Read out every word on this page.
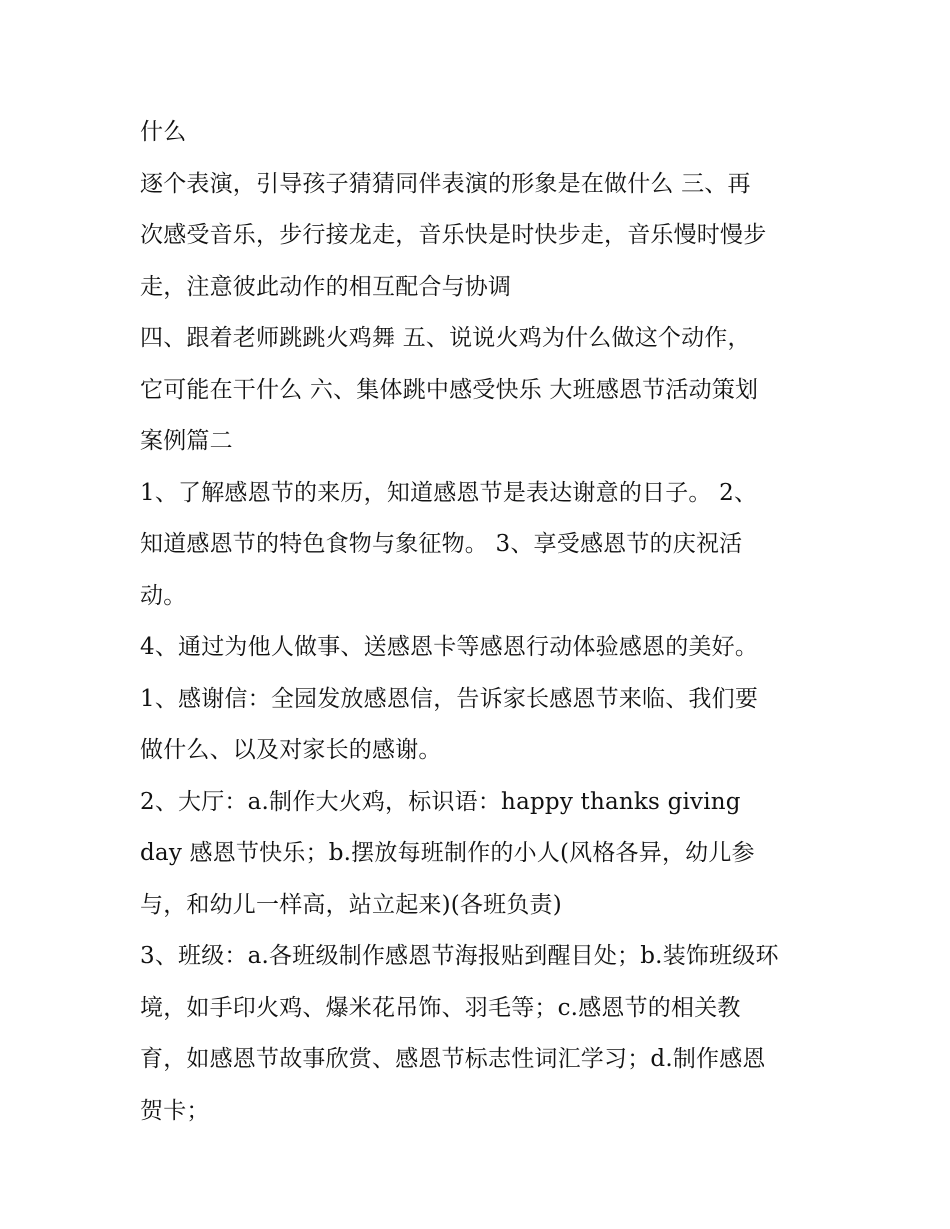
什么
逐个表演，引导孩子猜猜同伴表演的形象是在做什么 三、再
次感受音乐，步行接龙走，音乐快是时快步走，音乐慢时慢步
走，注意彼此动作的相互配合与协调
四、跟着老师跳跳火鸡舞 五、说说火鸡为什么做这个动作，
它可能在干什么 六、集体跳中感受快乐 大班感恩节活动策划
案例篇二
1、了解感恩节的来历，知道感恩节是表达谢意的日子。 2、
知道感恩节的特色食物与象征物。 3、享受感恩节的庆祝活
动。
4、通过为他人做事、送感恩卡等感恩行动体验感恩的美好。
1、感谢信：全园发放感恩信，告诉家长感恩节来临、我们要
做什么、以及对家长的感谢。
2、大厅：a.制作大火鸡，标识语：happy thanks giving
day 感恩节快乐；b.摆放每班制作的小人(风格各异，幼儿参
与，和幼儿一样高，站立起来)(各班负责)
3、班级：a.各班级制作感恩节海报贴到醒目处；b.装饰班级环
境，如手印火鸡、爆米花吊饰、羽毛等；c.感恩节的相关教
育，如感恩节故事欣赏、感恩节标志性词汇学习；d.制作感恩
贺卡；
